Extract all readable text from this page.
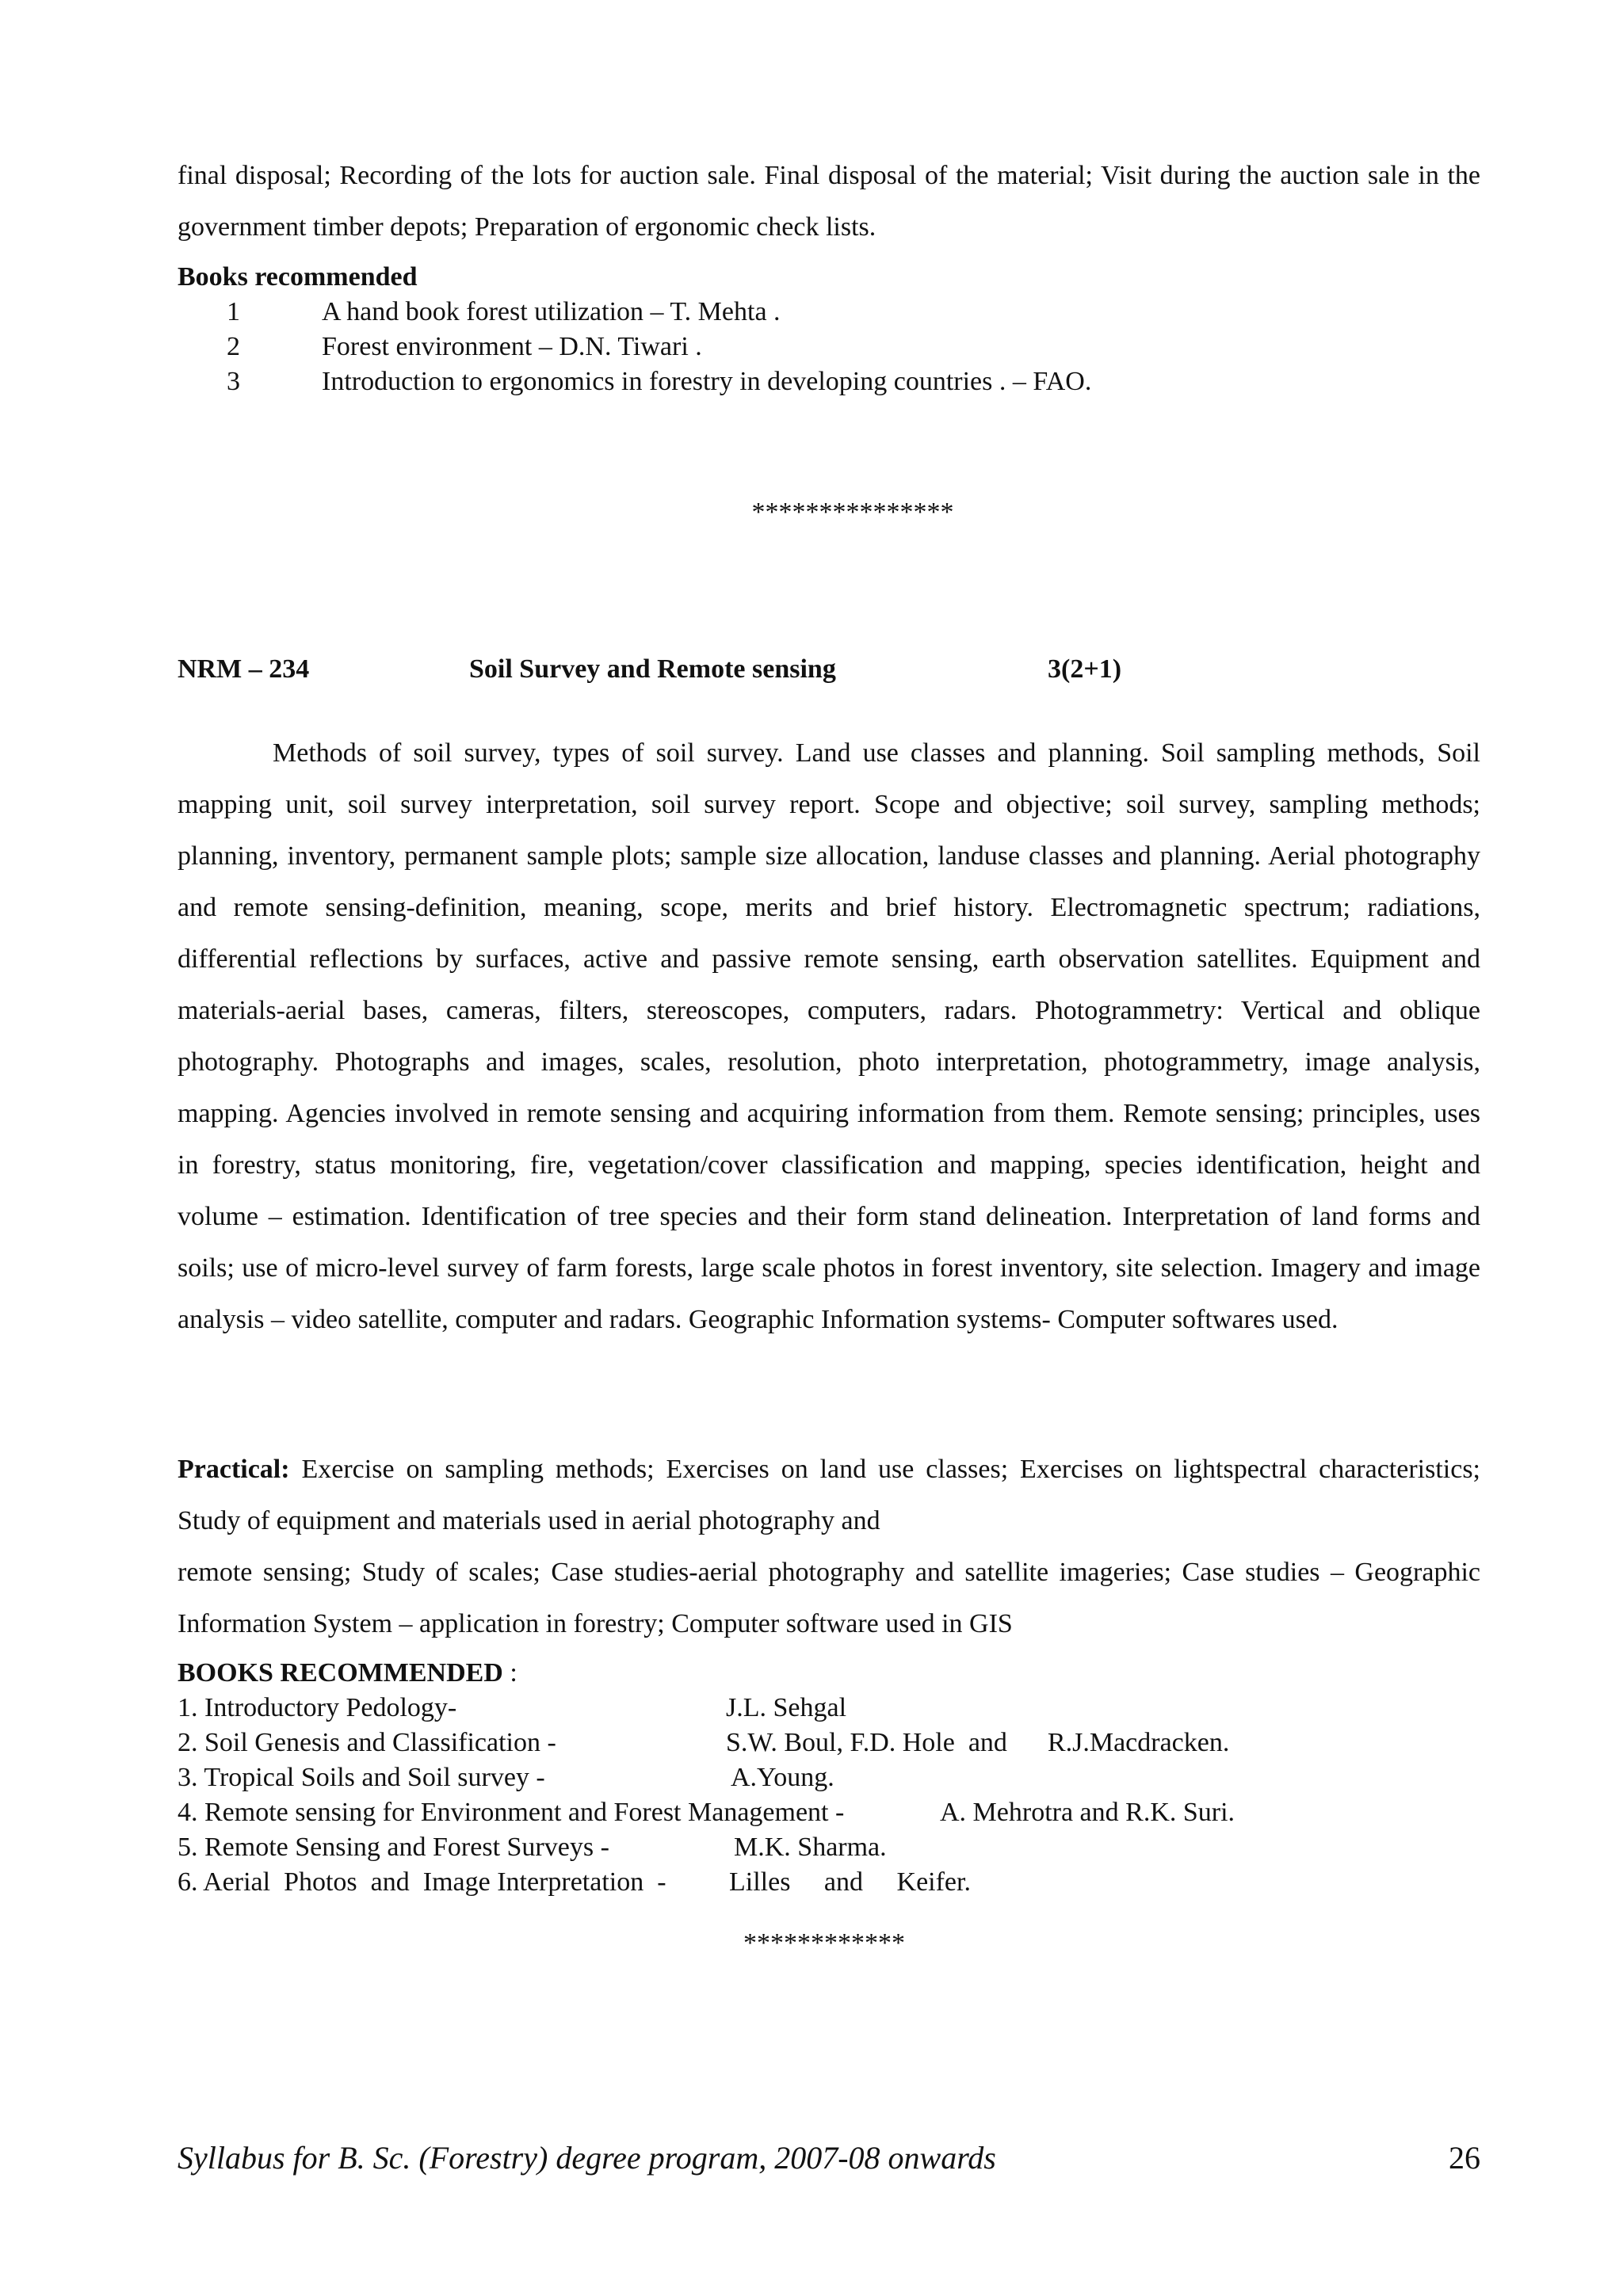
final disposal; Recording of the lots for auction sale. Final disposal of the material; Visit during the auction sale in the government timber depots; Preparation of ergonomic check lists.

Books recommended
1	A hand book forest utilization – T. Mehta .
2	Forest environment – D.N. Tiwari .
3	Introduction to ergonomics in forestry in developing countries . – FAO.
***************
NRM – 234	Soil Survey and Remote sensing	3(2+1)

Methods of soil survey, types of soil survey. Land use classes and planning. Soil sampling methods, Soil mapping unit, soil survey interpretation, soil survey report. Scope and objective; soil survey, sampling methods; planning, inventory, permanent sample plots; sample size allocation, landuse classes and planning. Aerial photography and remote sensing-definition, meaning, scope, merits and brief history. Electromagnetic spectrum; radiations, differential reflections by surfaces, active and passive remote sensing, earth observation satellites. Equipment and materials-aerial bases, cameras, filters, stereoscopes, computers, radars. Photogrammetry: Vertical and oblique photography. Photographs and images, scales, resolution, photo interpretation, photogrammetry, image analysis, mapping. Agencies involved in remote sensing and acquiring information from them. Remote sensing; principles, uses in forestry, status monitoring, fire, vegetation/cover classification and mapping, species identification, height and volume – estimation. Identification of tree species and their form stand delineation. Interpretation of land forms and soils; use of micro-level survey of farm forests, large scale photos in forest inventory, site selection. Imagery and image analysis – video satellite, computer and radars. Geographic Information systems- Computer softwares used.

Practical: Exercise on sampling methods; Exercises on land use classes; Exercises on lightspectral characteristics; Study of equipment and materials used in aerial photography and

remote sensing; Study of scales; Case studies-aerial photography and satellite imageries; Case studies – Geographic Information System – application in forestry; Computer software used in GIS

BOOKS RECOMMENDED :
1. Introductory Pedology-	J.L. Sehgal
2. Soil Genesis and Classification -	S.W. Boul, F.D. Hole  and      R.J.Macdracken.
3. Tropical Soils and Soil survey -	A.Young.
4. Remote sensing for Environment and Forest Management -	A. Mehrotra and R.K. Suri.
5. Remote Sensing and Forest Surveys -	M.K. Sharma.
6. Aerial  Photos  and  Image Interpretation  - Lilles     and     Keifer.
************
Syllabus for B. Sc. (Forestry) degree program, 2007-08 onwards	26
